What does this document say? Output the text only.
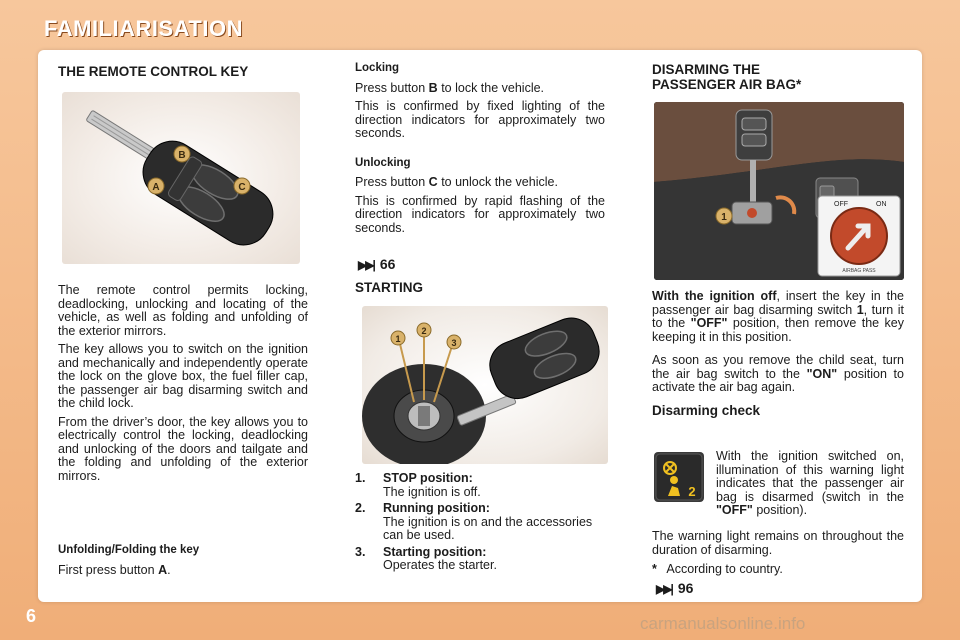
FAMILIARISATION
THE REMOTE CONTROL KEY
A
B
C

The remote control permits locking, deadlocking, unlocking and locating of the vehicle, as well as folding and unfolding of the exterior mirrors.

The key allows you to switch on the ignition and mechanically and independently operate the lock on the glove box, the fuel filler cap, the passenger air bag disarming switch and the child lock.

From the driver’s door, the key allows you to electrically control the locking, deadlocking and unlocking of the doors and tailgate and the folding and unfolding of the exterior mirrors.

Unfolding/Folding the key
First press button A.
Locking

Press button B to lock the vehicle.

This is confirmed by fixed lighting of the direction indicators for approximately two seconds.

Unlocking

Press button C to unlock the vehicle.

This is confirmed by rapid flashing of the direction indicators for approximately two seconds.

▶▶| 66
STARTING
1
2
3
1. STOP position:
The ignition is off.
2. Running position:
The ignition is on and the accessories can be used.
3. Starting position:
Operates the starter.
DISARMING THE
PASSENGER AIR BAG*
1
OFF	ON
AIRBAG PASS

With the ignition off, insert the key in the passenger air bag disarming switch 1, turn it to the "OFF" position, then remove the key keeping it in this position.

As soon as you remove the child seat, turn the air bag switch to the "ON" position to activate the air bag again.

Disarming check
2

With the ignition switched on, illumination of this warning light indicates that the passenger air bag is disarmed (switch in the "OFF" position).

The warning light remains on throughout the duration of disarming.

* According to country.
▶▶| 96
6	carmanualsonline.info
